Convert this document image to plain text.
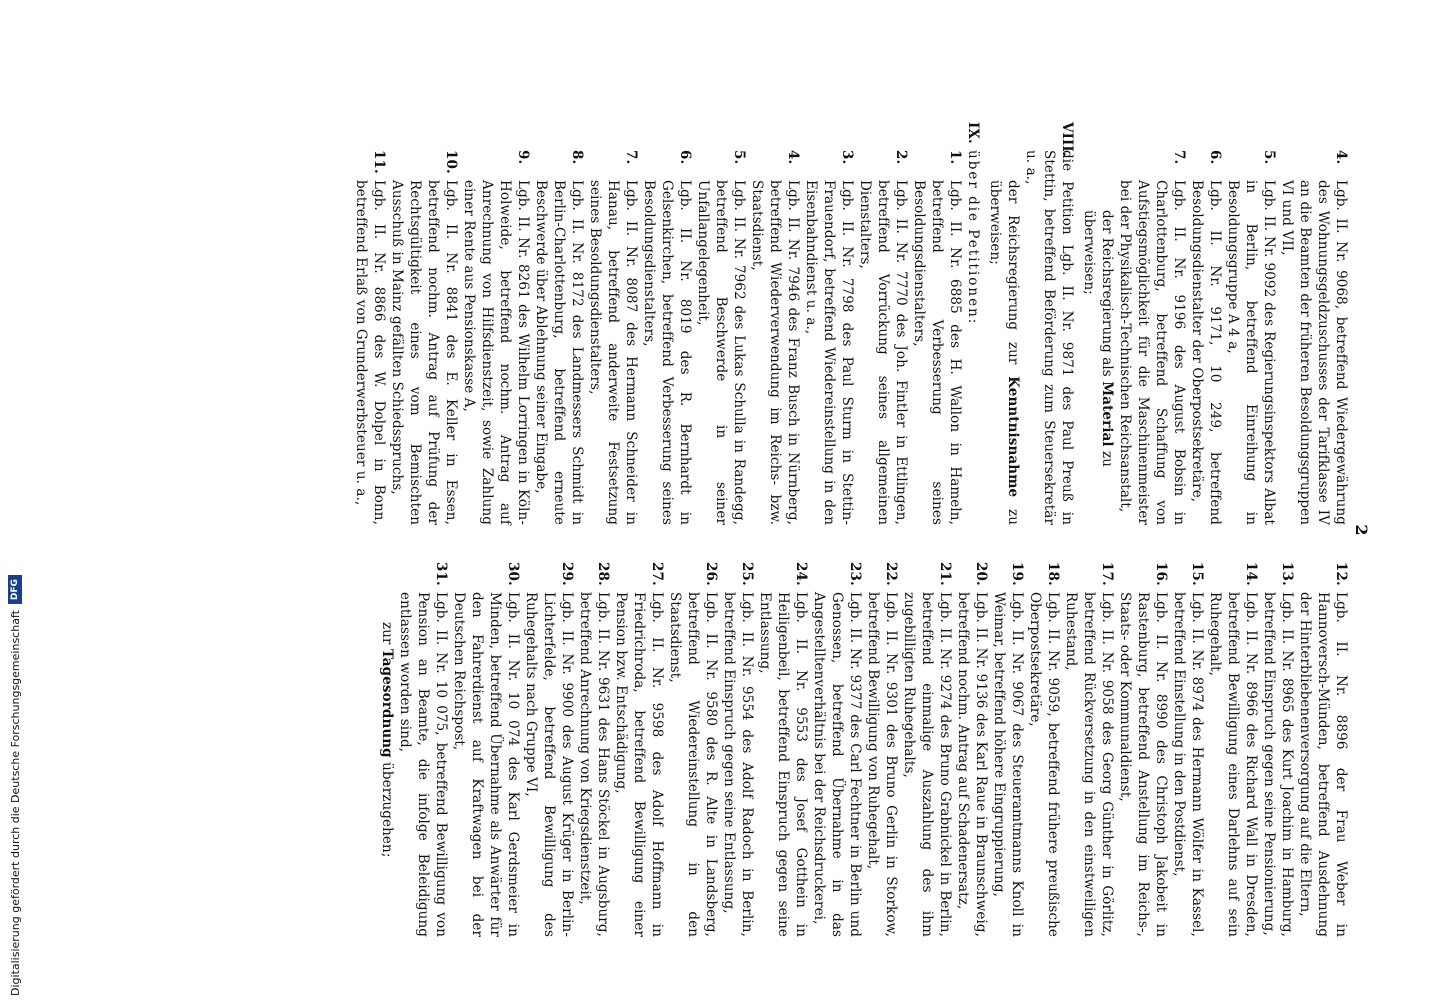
2
4.
Lgb. II. Nr. 9068, betreffend Wiedergewährung des Wohnungsgeldzuschusses der Tarifklasse IV an die Beamten der früheren Besoldungsgruppen VI und VII,
5.
Lgb. II. Nr. 9092 des Regierungsinspektors Albat in Berlin, betreffend Einreihung in Besoldungsgruppe A 4 a,
6.
Lgb. II. Nr. 9171, 10 249, betreffend Besoldungsdienstalter der Oberpostsekretäre,
7.
Lgb. II. Nr. 9196 des August Bobsin in Charlottenburg, betreffend Schaffung von Aufstiegsmöglichkeit für die Maschinenmeister bei der Physikalisch-Technischen Reichsanstalt,
der Reichsregierung als Material zu überweisen;
VIII.
die Petition Lgb. II. Nr. 9871 des Paul Preuß in Stettin, betreffend Beförderung zum Steuersekretär u. a.,
der Reichsregierung zur Kenntnisnahme zu überweisen;
IX.
über die Petitionen:
1.
Lgb. II. Nr. 6885 des H. Wallon in Hameln, betreffend Verbesserung seines Besoldungsdienstalters,
2.
Lgb. II. Nr. 7770 des Joh. Fintler in Ettlingen, betreffend Vorrückung seines allgemeinen Dienstalters,
3.
Lgb. II. Nr. 7798 des Paul Sturm in Stettin-Frauendorf, betreffend Wiedereinstellung in den Eisenbahndienst u. a.,
4.
Lgb. II. Nr. 7946 des Franz Busch in Nürnberg, betreffend Wiederverwendung im Reichs- bzw. Staatsdienst,
5.
Lgb. II. Nr. 7962 des Lukas Schulla in Randegg, betreffend Beschwerde in seiner Unfallangelegenheit,
6.
Lgb. II. Nr. 8019 des R. Bernhardt in Gelsenkirchen, betreffend Verbesserung seines Besoldungsdienstalters,
7.
Lgb. II. Nr. 8087 des Hermann Schneider in Hanau, betreffend anderweite Festsetzung seines Besoldungsdienstalters,
8.
Lgb. II. Nr. 8172 des Landmessers Schmidt in Berlin-Charlottenburg, betreffend erneute Beschwerde über Ablehnung seiner Eingabe,
9.
Lgb. II. Nr. 8261 des Wilhelm Lorringen in Köln-Holweide, betreffend nochm. Antrag auf Anrechnung von Hilfsdienstzeit, sowie Zahlung einer Rente aus Pensionskasse A,
10.
Lgb. II. Nr. 8841 des E. Keller in Essen, betreffend nochm. Antrag auf Prüfung der Rechtsgültigkeit eines vom Bemischten Ausschuß in Mainz gefällten Schiedsspruchs,
11.
Lgb. II. Nr. 8866 des W. Dolpel in Bonn, betreffend Erlaß von Grunderwerbsteuer u. a.,
12.
Lgb. II. Nr. 8896 der Frau Weber in Hannoversch-Münden, betreffend Ausdehnung der Hinterbliebenenversorgung auf die Eltern,
13.
Lgb. II. Nr. 8965 des Kurt Joachim in Hamburg, betreffend Einspruch gegen seine Pensionierung,
14.
Lgb. II. Nr. 8966 des Richard Wall in Dresden, betreffend Bewilligung eines Darlehns auf sein Ruhegehalt,
15.
Lgb. II. Nr. 8974 des Hermann Wölfer in Kassel, betreffend Einstellung in den Postdienst,
16.
Lgb. II. Nr. 8990 des Christoph Jakobeit in Rastenburg, betreffend Anstellung im Reichs-, Staats- oder Kommunaldienst,
17.
Lgb. II. Nr. 9058 des Georg Günther in Görlitz, betreffend Rückversetzung in den einstweiligen Ruhestand,
18.
Lgb. II. Nr. 9059, betreffend frühere preußische Oberpostsekretäre,
19.
Lgb. II. Nr. 9067 des Steueramtmanns Knoll in Weimar, betreffend höhere Eingruppierung,
20.
Lgb. II. Nr. 9136 des Karl Raue in Braunschweig, betreffend nochm. Antrag auf Schadenersatz,
21.
Lgb. II. Nr. 9274 des Bruno Grabnickel in Berlin, betreffend einmalige Auszahlung des ihm zugebilligten Ruhegehalts,
22.
Lgb. II. Nr. 9301 des Bruno Gerlin in Storkow, betreffend Bewilligung von Ruhegehalt,
23.
Lgb. II. Nr. 9377 des Carl Fechtner in Berlin und Genossen, betreffend Übernahme in das Angestelltenverhältnis bei der Reichsdruckerei,
24.
Lgb. II. Nr. 9553 des Josef Gotthein in Heiligenbeil, betreffend Einspruch gegen seine Entlassung,
25.
Lgb. II. Nr. 9554 des Adolf Radoch in Berlin, betreffend Einspruch gegen seine Entlassung,
26.
Lgb. II. Nr. 9580 des R. Alte in Landsberg, betreffend Wiedereinstellung in den Staatsdienst,
27.
Lgb. II. Nr. 9598 des Adolf Hoffmann in Friedrichroda, betreffend Bewilligung einer Pension bzw. Entschädigung,
28.
Lgb. II. Nr. 9631 des Hans Stöckel in Augsburg, betreffend Anrechnung von Kriegsdienstzeit,
29.
Lgb. II. Nr. 9900 des August Krüger in Berlin-Lichterfelde, betreffend Bewilligung des Ruhegehalts nach Gruppe VI,
30.
Lgb. II. Nr. 10 074 des Karl Gerdsmeier in Minden, betreffend Übernahme als Anwärter für den Fahrerdienst auf Kraftwagen bei der Deutschen Reichspost,
31.
Lgb. II. Nr. 10 075, betreffend Bewilligung von Pension an Beamte, die infolge Beleidigung entlassen worden sind,
zur Tagesordnung überzugehen;
Digitalisierung gefördert durch die Deutsche Forschungsgemeinschaft
DFG
